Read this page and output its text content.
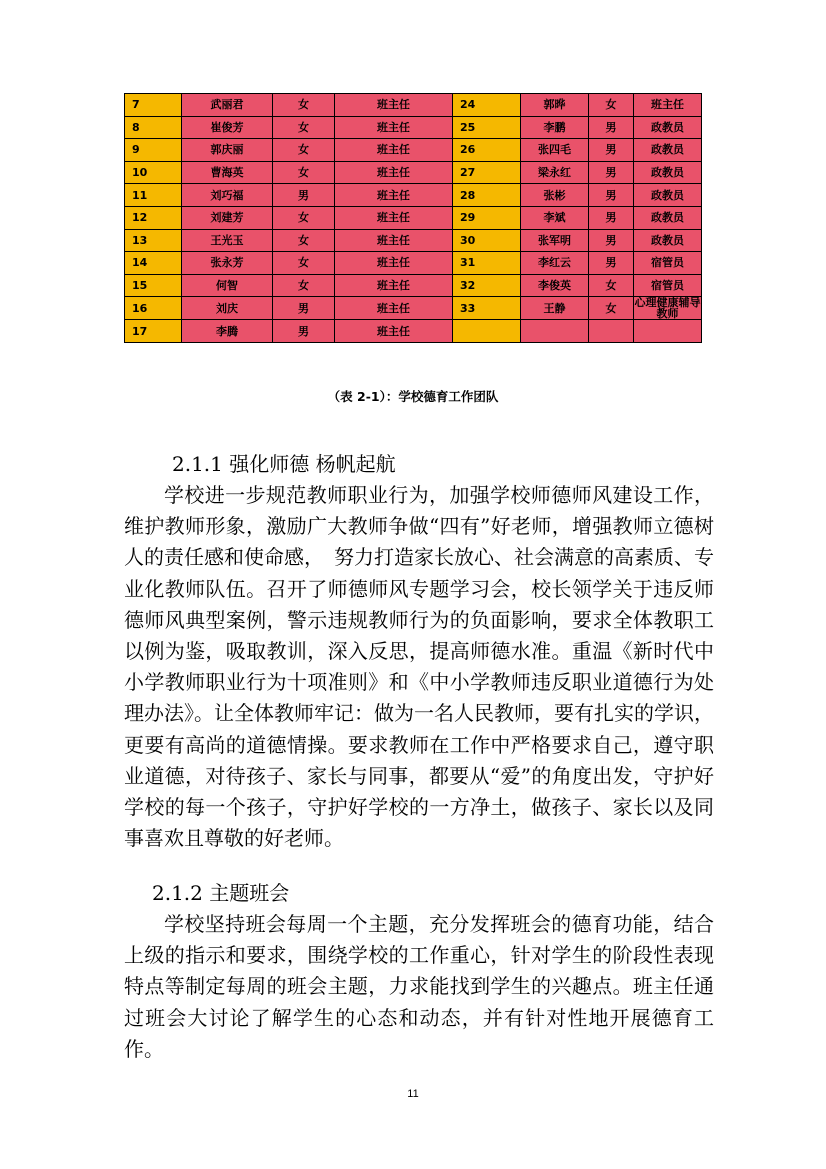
7	武丽君	女	班主任	24	郭晔	女	班主任
8	崔俊芳	女	班主任	25	李鹏	男	政教员
9	郭庆丽	女	班主任	26	张四毛	男	政教员
10	曹海英	女	班主任	27	梁永红	男	政教员
11	刘巧福	男	班主任	28	张彬	男	政教员
12	刘建芳	女	班主任	29	李斌	男	政教员
13	王光玉	女	班主任	30	张军明	男	政教员
14	张永芳	女	班主任	31	李红云	男	宿管员
15	何智	女	班主任	32	李俊英	女	宿管员
16	刘庆	男	班主任	33	王静	女	心理健康辅导教师
17	李腾	男	班主任				
（表 2-1）：学校德育工作团队
2.1.1 强化师德 杨帆起航

学校进一步规范教师职业行为，加强学校师德师风建设工作，维护教师形象，激励广大教师争做“四有”好老师，增强教师立德树人的责任感和使命感，　努力打造家长放心、社会满意的高素质、专业化教师队伍。召开了师德师风专题学习会，校长领学关于违反师德师风典型案例，警示违规教师行为的负面影响，要求全体教职工以例为鉴，吸取教训，深入反思，提高师德水准。重温《新时代中小学教师职业行为十项准则》和《中小学教师违反职业道德行为处理办法》。让全体教师牢记：做为一名人民教师，要有扎实的学识，更要有高尚的道德情操。要求教师在工作中严格要求自己，遵守职业道德，对待孩子、家长与同事，都要从“爱”的角度出发，守护好学校的每一个孩子，守护好学校的一方净土，做孩子、家长以及同事喜欢且尊敬的好老师。

2.1.2 主题班会

学校坚持班会每周一个主题，充分发挥班会的德育功能，结合上级的指示和要求，围绕学校的工作重心，针对学生的阶段性表现特点等制定每周的班会主题，力求能找到学生的兴趣点。班主任通过班会大讨论了解学生的心态和动态，并有针对性地开展德育工作。

11
